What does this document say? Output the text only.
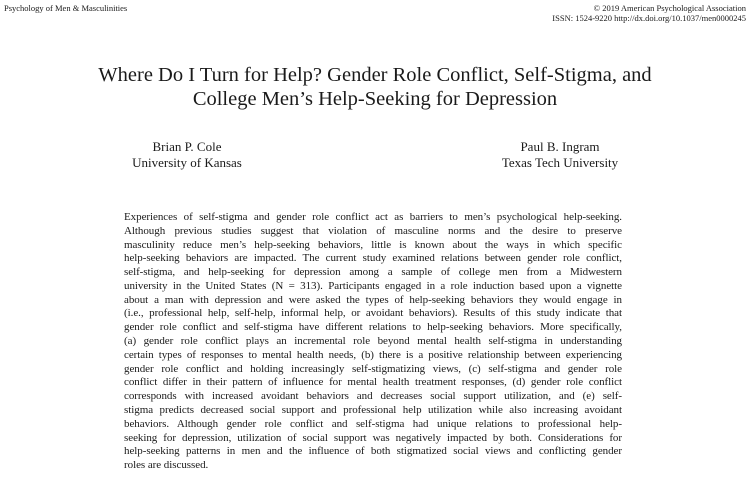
Psychology of Men & Masculinities	© 2019 American Psychological Association
ISSN: 1524-9220 http://dx.doi.org/10.1037/men0000245
Where Do I Turn for Help? Gender Role Conflict, Self-Stigma, and
College Men’s Help-Seeking for Depression
Brian P. Cole
University of Kansas
Paul B. Ingram
Texas Tech University
Experiences of self-stigma and gender role conflict act as barriers to men’s psychological help-seeking.
Although previous studies suggest that violation of masculine norms and the desire to preserve
masculinity reduce men’s help-seeking behaviors, little is known about the ways in which specific
help-seeking behaviors are impacted. The current study examined relations between gender role conflict,
self-stigma, and help-seeking for depression among a sample of college men from a Midwestern
university in the United States (N = 313). Participants engaged in a role induction based upon a vignette
about a man with depression and were asked the types of help-seeking behaviors they would engage in
(i.e., professional help, self-help, informal help, or avoidant behaviors). Results of this study indicate that
gender role conflict and self-stigma have different relations to help-seeking behaviors. More specifically,
(a) gender role conflict plays an incremental role beyond mental health self-stigma in understanding
certain types of responses to mental health needs, (b) there is a positive relationship between experiencing
gender role conflict and holding increasingly self-stigmatizing views, (c) self-stigma and gender role
conflict differ in their pattern of influence for mental health treatment responses, (d) gender role conflict
corresponds with increased avoidant behaviors and decreases social support utilization, and (e) self-
stigma predicts decreased social support and professional help utilization while also increasing avoidant
behaviors. Although gender role conflict and self-stigma had unique relations to professional help-
seeking for depression, utilization of social support was negatively impacted by both. Considerations for
help-seeking patterns in men and the influence of both stigmatized social views and conflicting gender
roles are discussed.
